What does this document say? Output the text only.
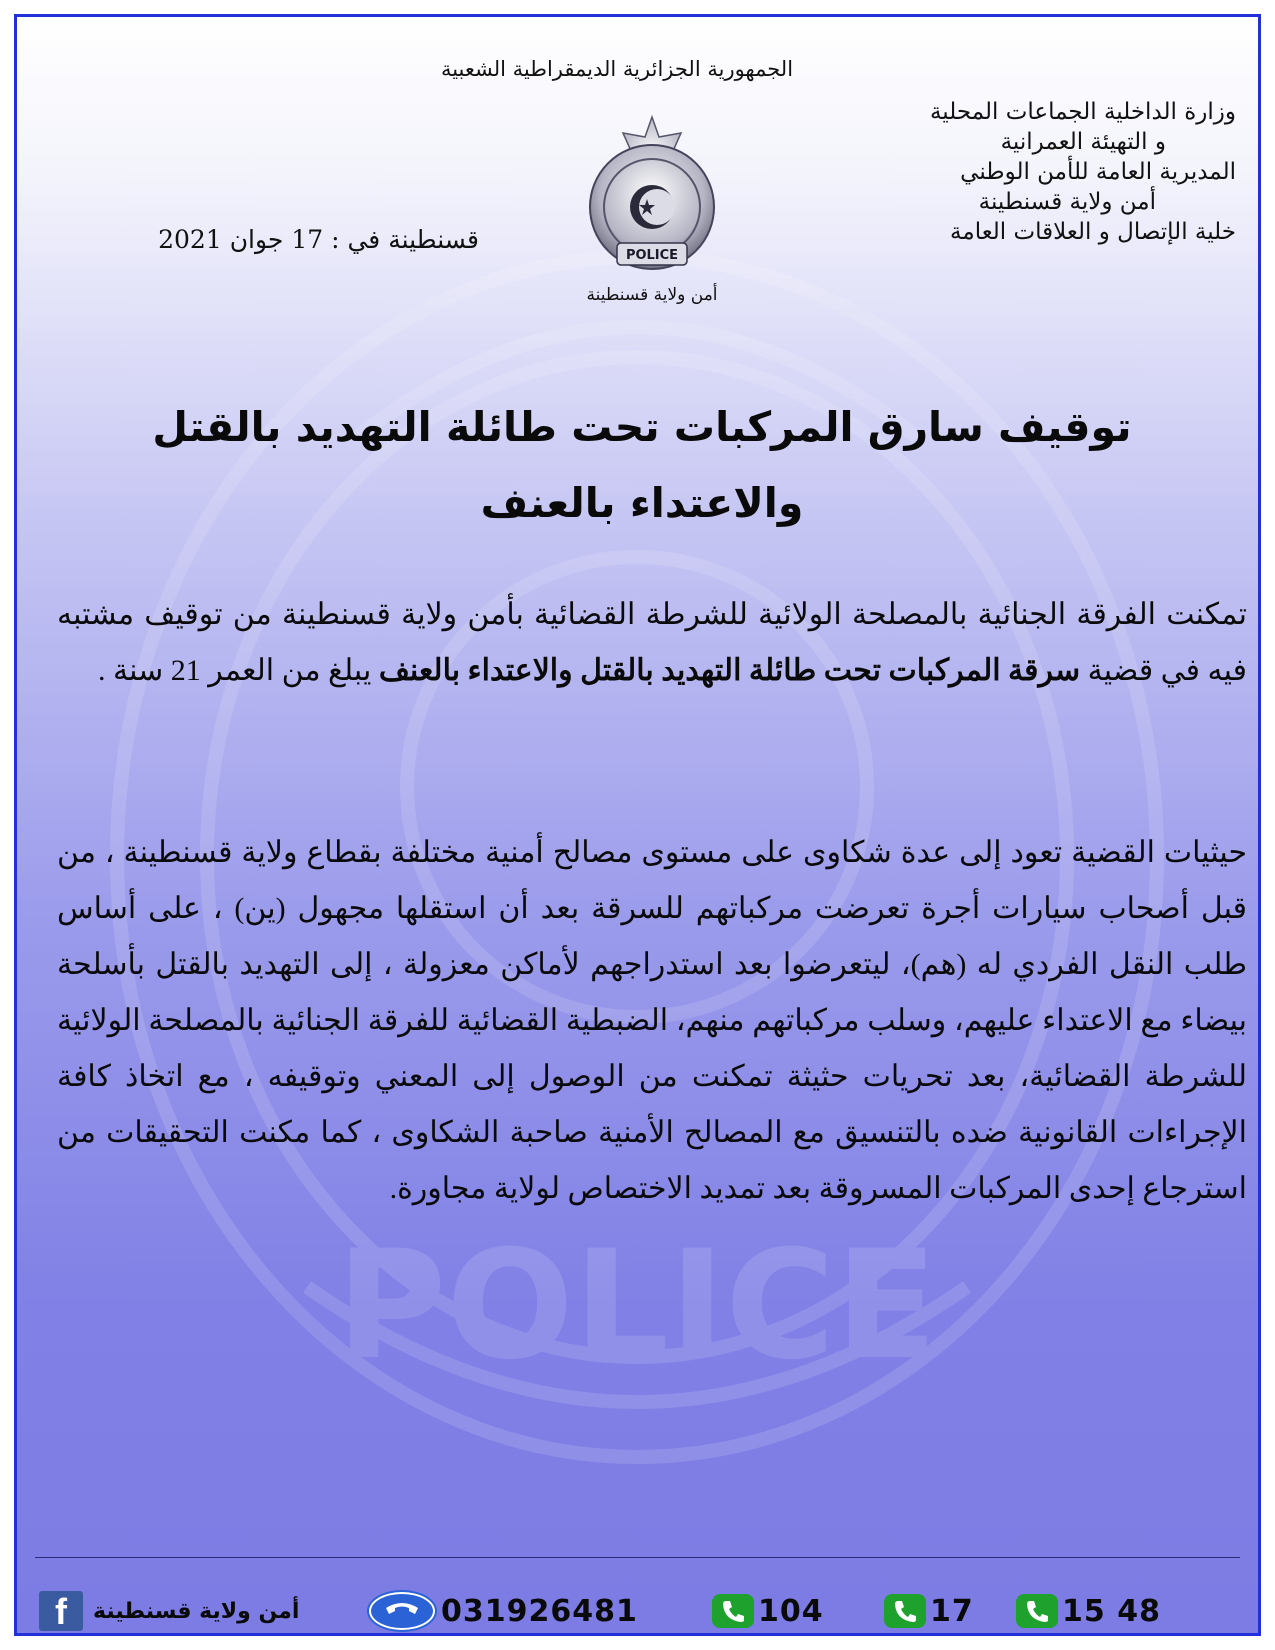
POLICE
الجمهورية الجزائرية الديمقراطية الشعبية
وزارة الداخلية الجماعات المحلية
و التهيئة العمرانية
المديرية العامة للأمن الوطني
أمن ولاية قسنطينة
خلية الإتصال و العلاقات العامة
قسنطينة في : 17 جوان 2021
POLICE
أمن ولاية قسنطينة
توقيف سارق المركبات تحت طائلة التهديد بالقتل
والاعتداء بالعنف
تمكنت الفرقة الجنائية بالمصلحة الولائية للشرطة القضائية بأمن ولاية قسنطينة من توقيف مشتبه فيه في قضية سرقة المركبات تحت طائلة التهديد بالقتل والاعتداء بالعنف يبلغ من العمر 21 سنة .
حيثيات القضية تعود إلى عدة شكاوى على مستوى مصالح أمنية مختلفة بقطاع ولاية قسنطينة ، من قبل أصحاب سيارات أجرة تعرضت مركباتهم للسرقة بعد أن استقلها مجهول (ين) ، على أساس طلب النقل الفردي له (هم)، ليتعرضوا بعد استدراجهم لأماكن معزولة ، إلى التهديد بالقتل بأسلحة بيضاء مع الاعتداء عليهم، وسلب مركباتهم منهم، الضبطية القضائية للفرقة الجنائية بالمصلحة الولائية للشرطة القضائية، بعد تحريات حثيثة تمكنت من الوصول إلى المعني وتوقيفه ، مع اتخاذ كافة الإجراءات القانونية ضده بالتنسيق مع المصالح الأمنية صاحبة الشكاوى ، كما مكنت التحقيقات من استرجاع إحدى المركبات المسروقة بعد تمديد الاختصاص لولاية مجاورة.
f	أمن ولاية قسنطينة	031926481	104	17	15 48
